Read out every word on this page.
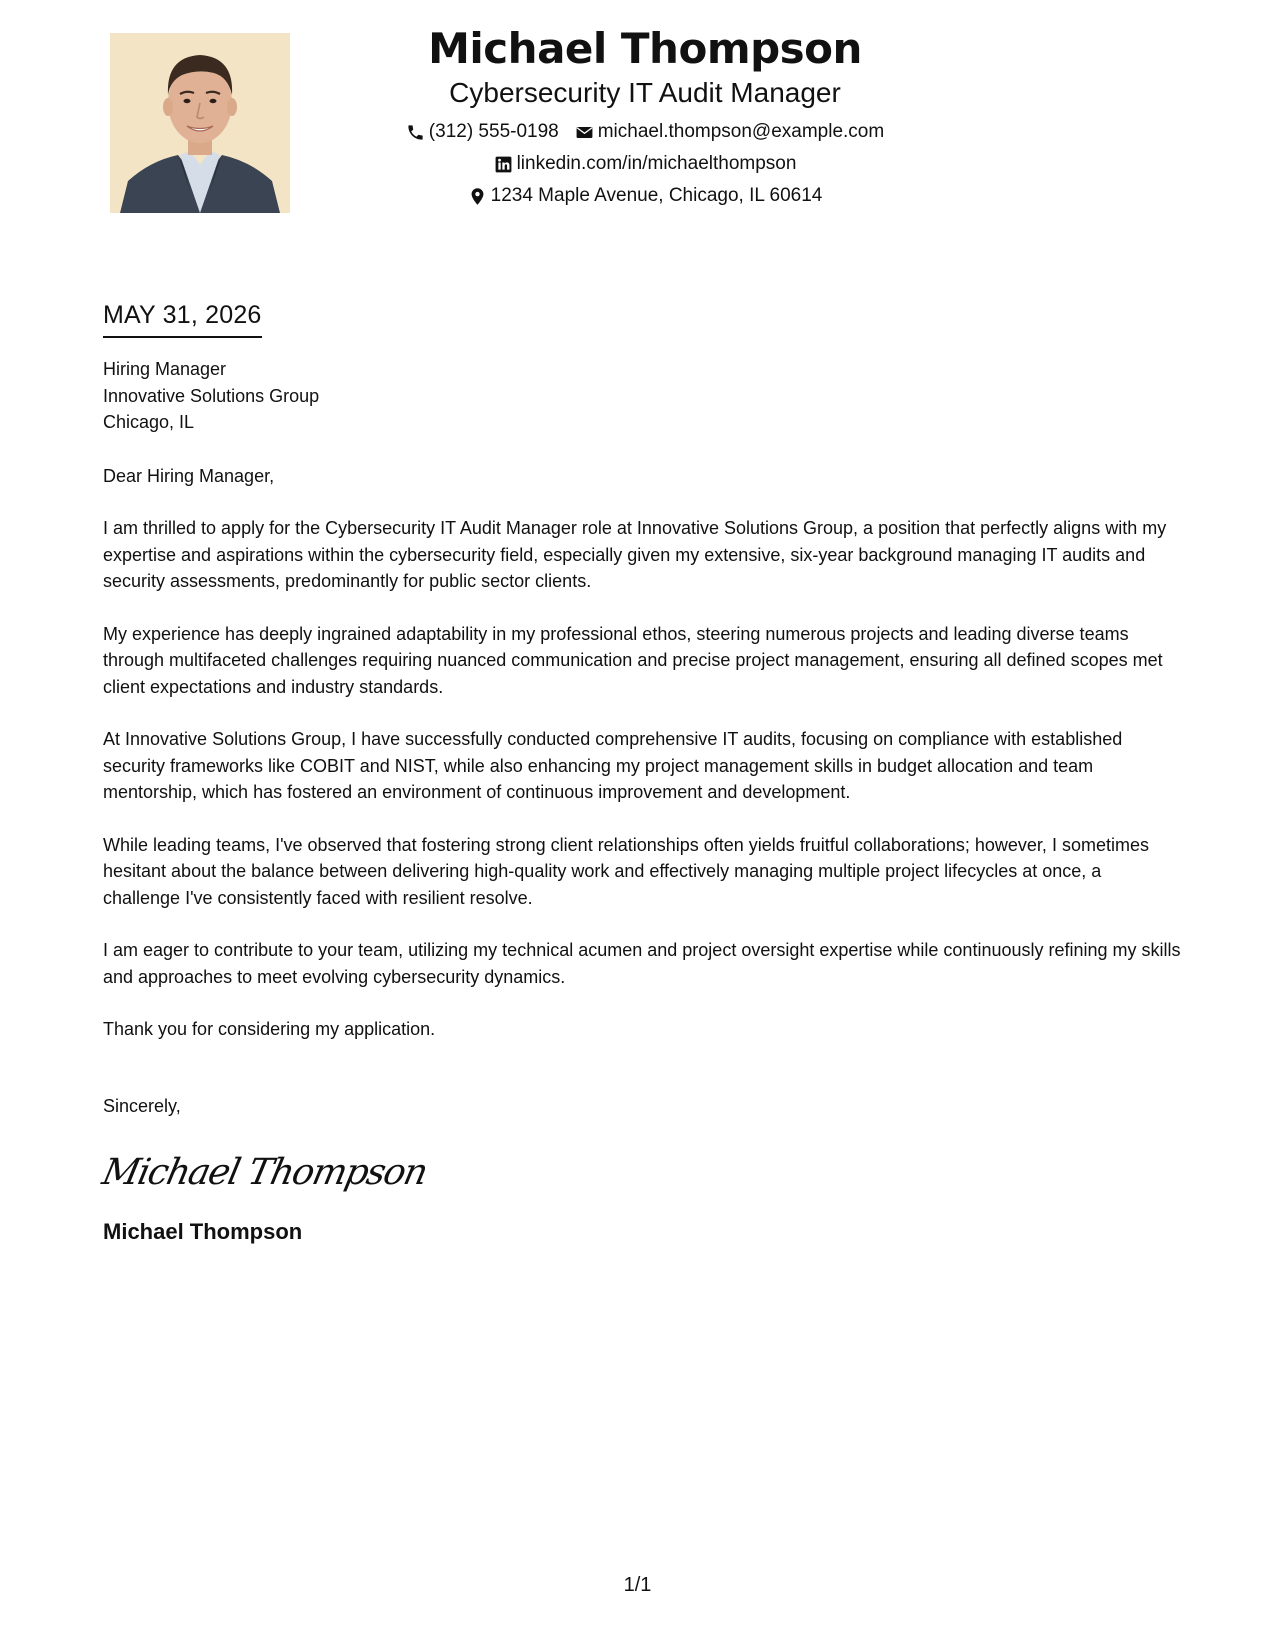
Michael Thompson
Cybersecurity IT Audit Manager
(312) 555-0198 michael.thompson@example.com
linkedin.com/in/michaelthompson
1234 Maple Avenue, Chicago, IL 60614
MAY 31, 2026
Hiring Manager
Innovative Solutions Group
Chicago, IL
Dear Hiring Manager,
I am thrilled to apply for the Cybersecurity IT Audit Manager role at Innovative Solutions Group, a position that perfectly aligns with my expertise and aspirations within the cybersecurity field, especially given my extensive, six-year background managing IT audits and security assessments, predominantly for public sector clients.
My experience has deeply ingrained adaptability in my professional ethos, steering numerous projects and leading diverse teams through multifaceted challenges requiring nuanced communication and precise project management, ensuring all defined scopes met client expectations and industry standards.
At Innovative Solutions Group, I have successfully conducted comprehensive IT audits, focusing on compliance with established security frameworks like COBIT and NIST, while also enhancing my project management skills in budget allocation and team mentorship, which has fostered an environment of continuous improvement and development.
While leading teams, I've observed that fostering strong client relationships often yields fruitful collaborations; however, I sometimes hesitant about the balance between delivering high-quality work and effectively managing multiple project lifecycles at once, a challenge I've consistently faced with resilient resolve.
I am eager to contribute to your team, utilizing my technical acumen and project oversight expertise while continuously refining my skills and approaches to meet evolving cybersecurity dynamics.
Thank you for considering my application.
Sincerely,
Michael Thompson
Michael Thompson
1/1
